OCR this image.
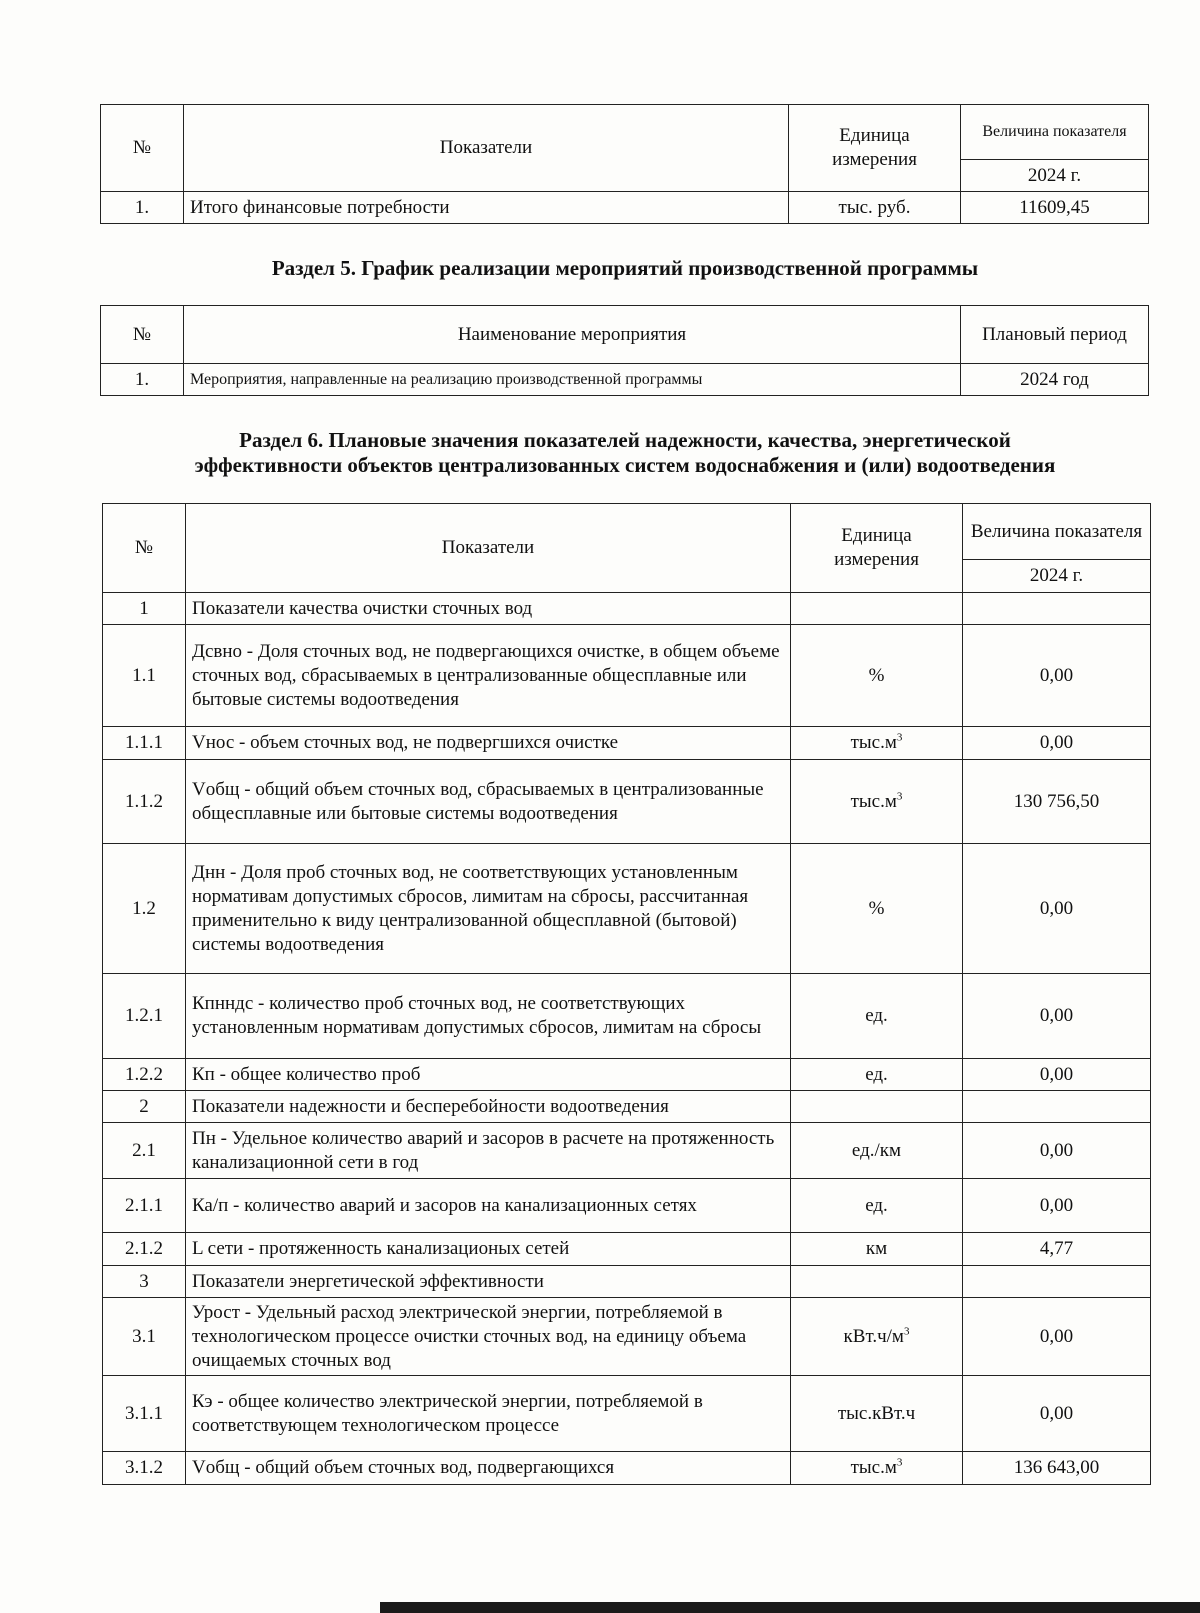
№	Показатели	Единица измерения	Величина показателя
			2024 г.
1.	Итого финансовые потребности	тыс. руб.	11609,45
Раздел 5. График реализации мероприятий производственной программы
№	Наименование мероприятия	Плановый период
1.	Мероприятия, направленные на реализацию производственной программы	2024 год
Раздел 6. Плановые значения показателей надежности, качества, энергетической
эффективности объектов централизованных систем водоснабжения и (или) водоотведения
№	Показатели	Единица измерения	Величина показателя
			2024 г.
1	Показатели качества очистки сточных вод		
1.1	Дсвно - Доля сточных вод, не подвергающихся очистке, в общем объеме сточных вод, сбрасываемых в централизованные общесплавные или бытовые системы водоотведения	%	0,00
1.1.1	Vнос - объем сточных вод, не подвергшихся очистке	$тыс.м^3$	0,00
1.1.2	Vобщ - общий объем сточных вод, сбрасываемых в централизованные общесплавные или бытовые системы водоотведения	$тыс.м^3$	130 756,50
1.2	Днн - Доля проб сточных вод, не соответствующих установленным нормативам допустимых сбросов, лимитам на сбросы, рассчитанная применительно к виду централизованной общесплавной (бытовой) системы водоотведения	%	0,00
1.2.1	Кпнндс - количество проб сточных вод, не соответствующих установленным нормативам допустимых сбросов, лимитам на сбросы	ед.	0,00
1.2.2	Кп - общее количество проб	ед.	0,00
2	Показатели надежности и бесперебойности водоотведения		
2.1	Пн - Удельное количество аварий и засоров в расчете на протяженность канализационной сети в год	ед./км	0,00
2.1.1	Ка/п - количество аварий и засоров на канализационных сетях	ед.	0,00
2.1.2	L сети - протяженность канализационых сетей	км	4,77
3	Показатели энергетической эффективности		
3.1	Урост - Удельный расход электрической энергии, потребляемой в технологическом процессе очистки сточных вод, на единицу объема очищаемых сточных вод	$кВт.ч/м^3$	0,00
3.1.1	Кэ - общее количество электрической энергии, потребляемой в соответствующем технологическом процессе	тыс.кВт.ч	0,00
3.1.2	Vобщ - общий объем сточных вод, подвергающихся	$тыс.м^3$	136 643,00
